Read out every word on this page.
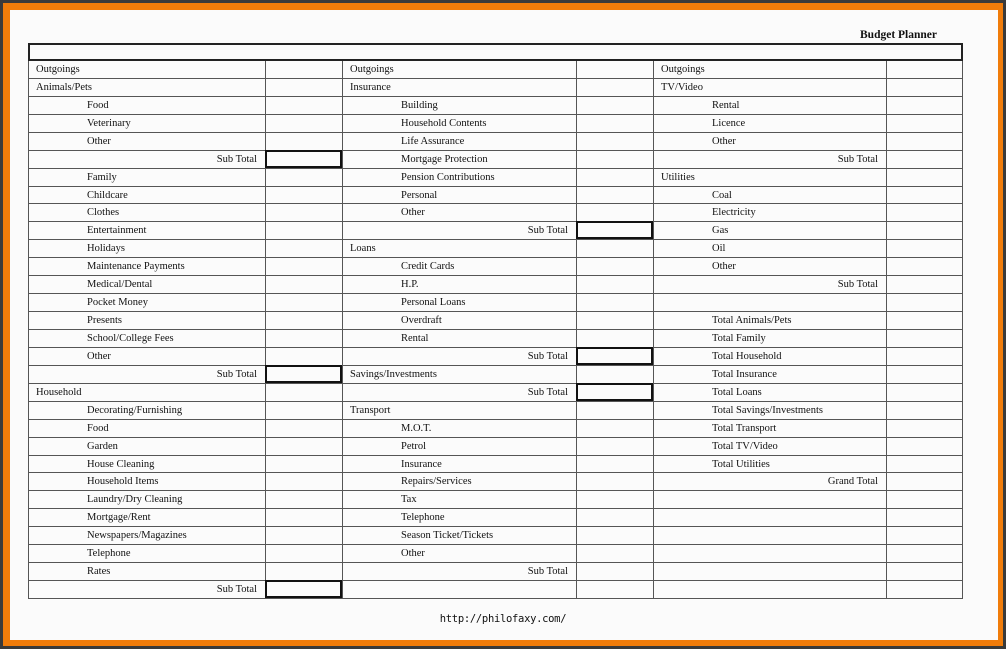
Budget Planner
Outgoings
Animals/Pets
Food
Veterinary
Other
Sub Total
Family
Childcare
Clothes
Entertainment
Holidays
Maintenance Payments
Medical/Dental
Pocket Money
Presents
School/College Fees
Other
Sub Total
Household
Decorating/Furnishing
Food
Garden
House Cleaning
Household Items
Laundry/Dry Cleaning
Mortgage/Rent
Newspapers/Magazines
Telephone
Rates
Sub Total
Outgoings
Insurance
Building
Household Contents
Life Assurance
Mortgage Protection
Pension Contributions
Personal
Other
Sub Total
Loans
Credit Cards
H.P.
Personal Loans
Overdraft
Rental
Sub Total
Savings/Investments
Sub Total
Transport
M.O.T.
Petrol
Insurance
Repairs/Services
Tax
Telephone
Season Ticket/Tickets
Other
Sub Total
Outgoings
TV/Video
Rental
Licence
Other
Sub Total
Utilities
Coal
Electricity
Gas
Oil
Other
Sub Total
Total Animals/Pets
Total Family
Total Household
Total Insurance
Total Loans
Total Savings/Investments
Total Transport
Total TV/Video
Total Utilities
Grand Total
http://philofaxy.com/
